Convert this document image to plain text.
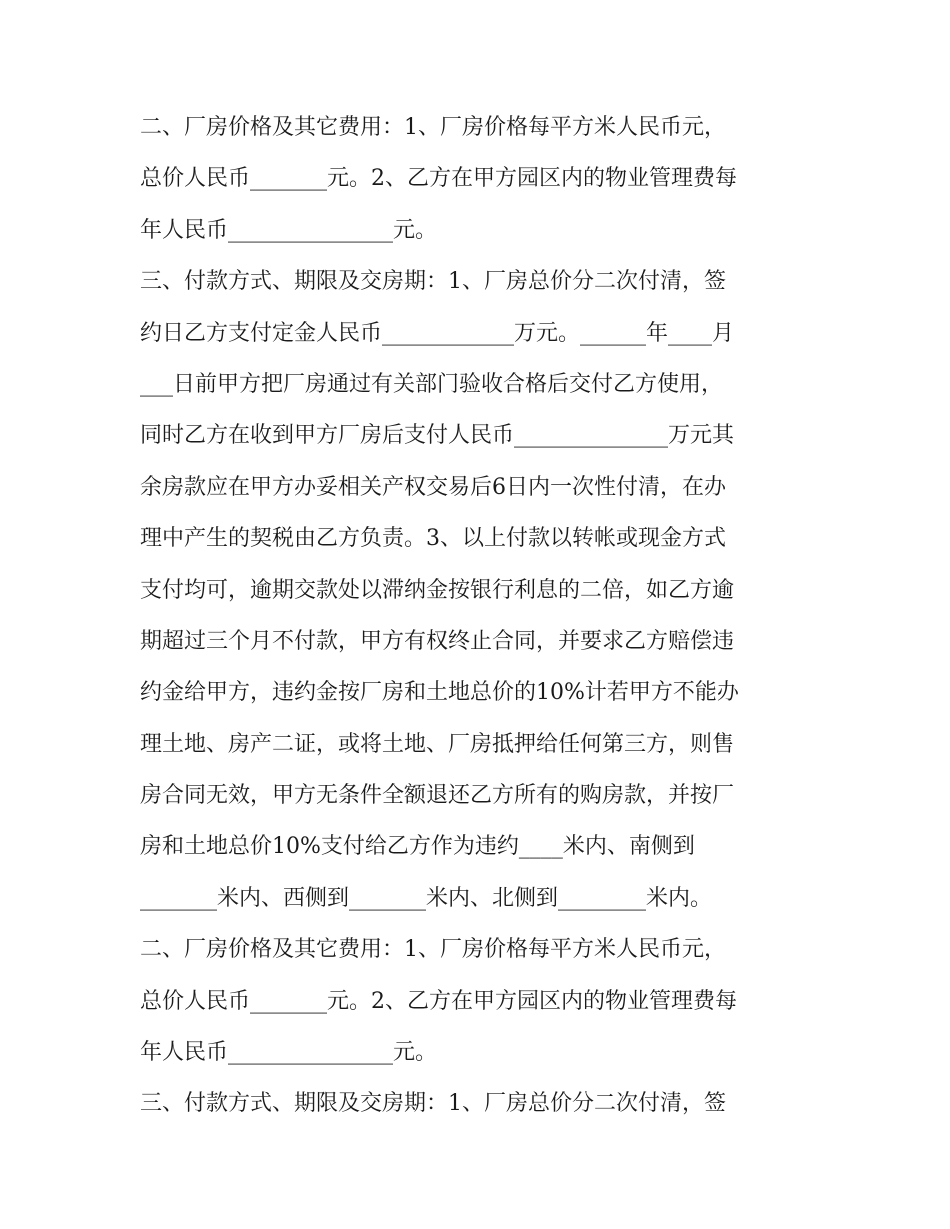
二、厂房价格及其它费用：1、厂房价格每平方米人民币元，
总价人民币_______元。2、乙方在甲方园区内的物业管理费每
年人民币_______________元。
三、付款方式、期限及交房期：1、厂房总价分二次付清，签
约日乙方支付定金人民币____________万元。______年____月
___日前甲方把厂房通过有关部门验收合格后交付乙方使用，
同时乙方在收到甲方厂房后支付人民币______________万元其
余房款应在甲方办妥相关产权交易后6日内一次性付清，在办
理中产生的契税由乙方负责。3、以上付款以转帐或现金方式
支付均可，逾期交款处以滞纳金按银行利息的二倍，如乙方逾
期超过三个月不付款，甲方有权终止合同，并要求乙方赔偿违
约金给甲方，违约金按厂房和土地总价的10%计若甲方不能办
理土地、房产二证，或将土地、厂房抵押给任何第三方，则售
房合同无效，甲方无条件全额退还乙方所有的购房款，并按厂
房和土地总价10%支付给乙方作为违约____米内、南侧到
_______米内、西侧到_______米内、北侧到________米内。
二、厂房价格及其它费用：1、厂房价格每平方米人民币元，
总价人民币_______元。2、乙方在甲方园区内的物业管理费每
年人民币_______________元。
三、付款方式、期限及交房期：1、厂房总价分二次付清，签
